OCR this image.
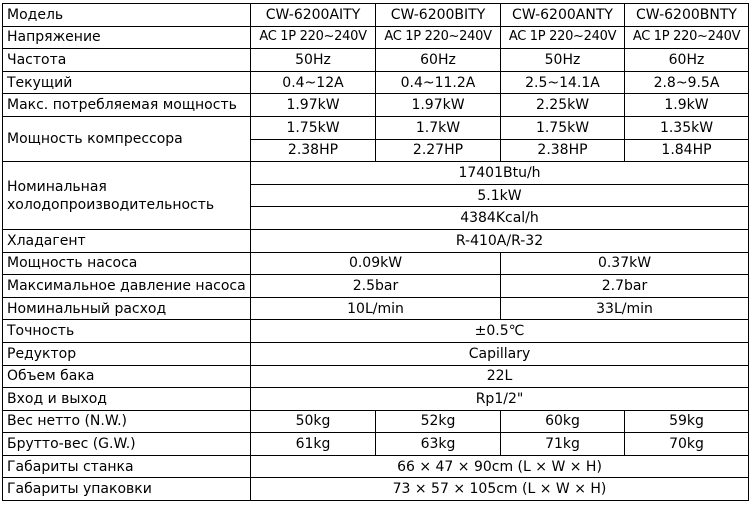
Модель	CW-6200AITY	CW-6200BITY	CW-6200ANTY	CW-6200BNTY
Напряжение	AC 1P 220~240V	AC 1P 220~240V	AC 1P 220~240V	AC 1P 220~240V
Частота	50Hz	60Hz	50Hz	60Hz
Текущий	0.4~12A	0.4~11.2A	2.5~14.1A	2.8~9.5A
Макс. потребляемая мощность	1.97kW	1.97kW	2.25kW	1.9kW
Мощность компрессора	1.75kW	1.7kW	1.75kW	1.35kW
	2.38HP	2.27HP	2.38HP	1.84HP
Номинальная холодопроизводительность	17401Btu/h			
	5.1kW			
	4384Kcal/h			
Хладагент	R-410A/R-32			
Мощность насоса	0.09kW		0.37kW	
Максимальное давление насоса	2.5bar		2.7bar	
Номинальный расход	10L/min		33L/min	
Точность	±0.5℃			
Редуктор	Capillary			
Объем бака	22L			
Вход и выход	Rp1/2"			
Вес нетто (N.W.)	50kg	52kg	60kg	59kg
Брутто-вес (G.W.)	61kg	63kg	71kg	70kg
Габариты станка	66 × 47 × 90cm (L × W × H)			
Габариты упаковки	73 × 57 × 105cm (L × W × H)			
